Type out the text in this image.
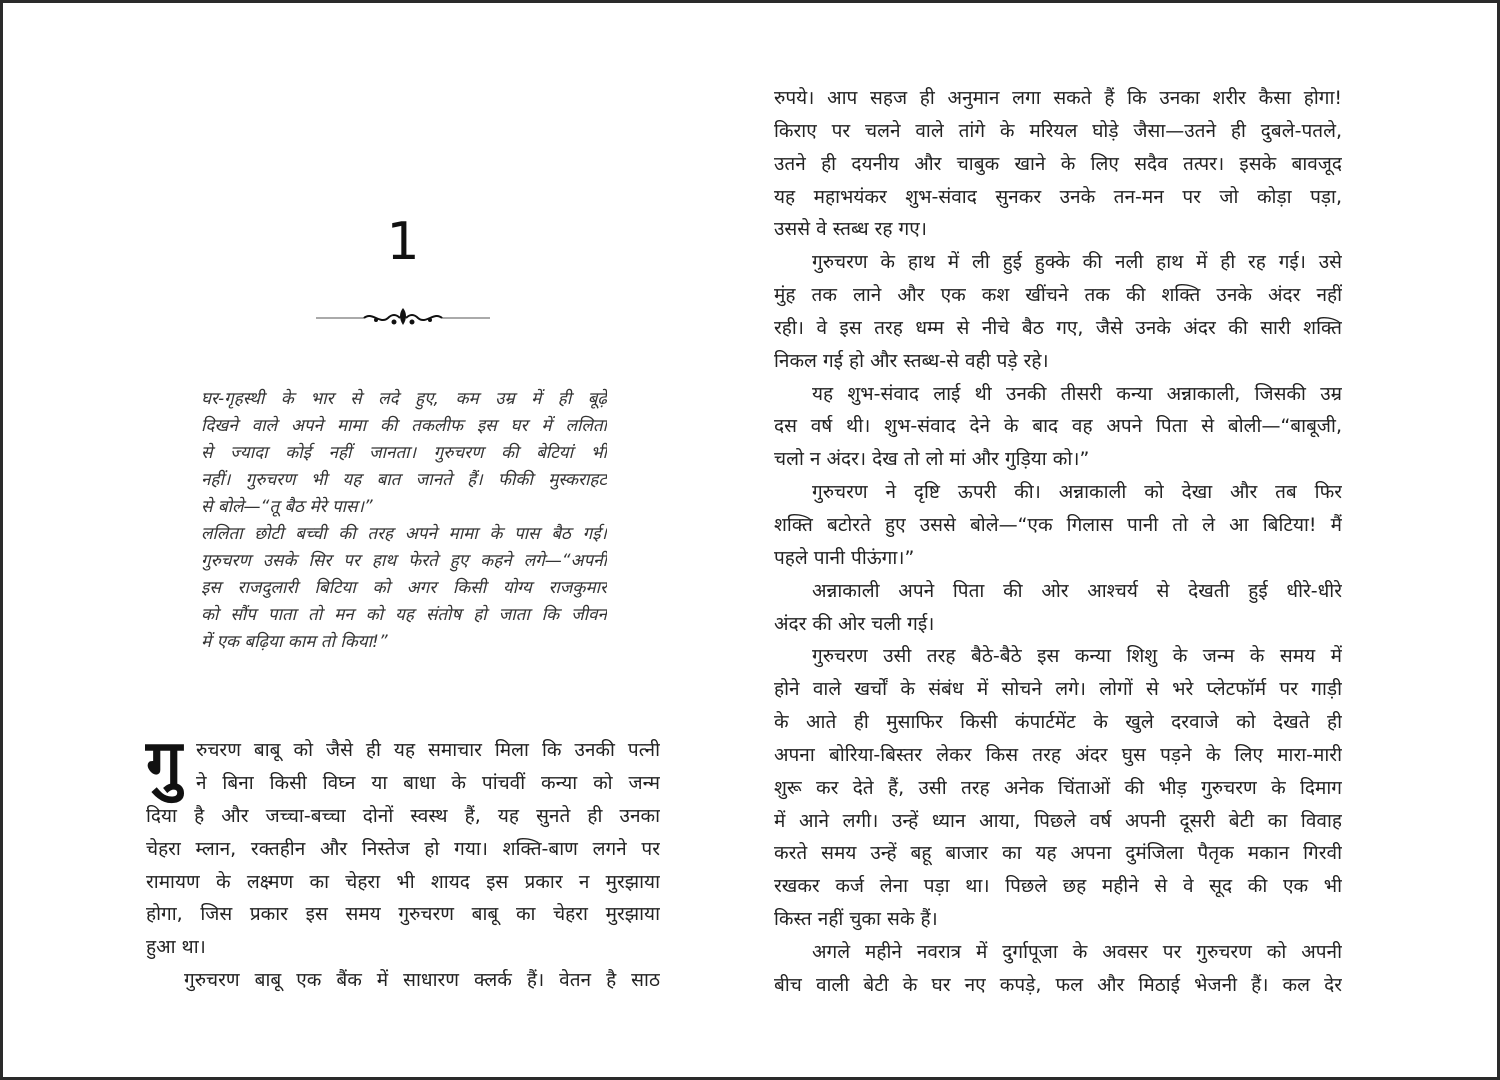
1
घर-गृहस्थी के भार से लदे हुए, कम उम्र में ही बूढ़े
दिखने वाले अपने मामा की तकलीफ इस घर में ललिता
से ज्यादा कोई नहीं जानता। गुरुचरण की बेटियां भी
नहीं। गुरुचरण भी यह बात जानते हैं। फीकी मुस्कराहट
से बोले—“तू बैठ मेरे पास।”
ललिता छोटी बच्ची की तरह अपने मामा के पास बैठ गई।
गुरुचरण उसके सिर पर हाथ फेरते हुए कहने लगे—“अपनी
इस राजदुलारी बिटिया को अगर किसी योग्य राजकुमार
को सौंप पाता तो मन को यह संतोष हो जाता कि जीवन
में एक बढ़िया काम तो किया!”
गु रुचरण बाबू को जैसे ही यह समाचार मिला कि उनकी पत्नी
ने बिना किसी विघ्न या बाधा के पांचवीं कन्या को जन्म
दिया है और जच्चा-बच्चा दोनों स्वस्थ हैं, यह सुनते ही उनका
चेहरा म्लान, रक्तहीन और निस्तेज हो गया। शक्ति-बाण लगने पर
रामायण के लक्ष्मण का चेहरा भी शायद इस प्रकार न मुरझाया
होगा, जिस प्रकार इस समय गुरुचरण बाबू का चेहरा मुरझाया
हुआ था।
गुरुचरण बाबू एक बैंक में साधारण क्लर्क हैं। वेतन है साठ
रुपये। आप सहज ही अनुमान लगा सकते हैं कि उनका शरीर कैसा होगा!
किराए पर चलने वाले तांगे के मरियल घोड़े जैसा—उतने ही दुबले-पतले,
उतने ही दयनीय और चाबुक खाने के लिए सदैव तत्पर। इसके बावजूद
यह महाभयंकर शुभ-संवाद सुनकर उनके तन-मन पर जो कोड़ा पड़ा,
उससे वे स्तब्ध रह गए।
गुरुचरण के हाथ में ली हुई हुक्के की नली हाथ में ही रह गई। उसे
मुंह तक लाने और एक कश खींचने तक की शक्ति उनके अंदर नहीं
रही। वे इस तरह धम्म से नीचे बैठ गए, जैसे उनके अंदर की सारी शक्ति
निकल गई हो और स्तब्ध-से वही पड़े रहे।
यह शुभ-संवाद लाई थी उनकी तीसरी कन्या अन्नाकाली, जिसकी उम्र
दस वर्ष थी। शुभ-संवाद देने के बाद वह अपने पिता से बोली—“बाबूजी,
चलो न अंदर। देख तो लो मां और गुड़िया को।”
गुरुचरण ने दृष्टि ऊपरी की। अन्नाकाली को देखा और तब फिर
शक्ति बटोरते हुए उससे बोले—“एक गिलास पानी तो ले आ बिटिया! मैं
पहले पानी पीऊंगा।”
अन्नाकाली अपने पिता की ओर आश्चर्य से देखती हुई धीरे-धीरे
अंदर की ओर चली गई।
गुरुचरण उसी तरह बैठे-बैठे इस कन्या शिशु के जन्म के समय में
होने वाले खर्चों के संबंध में सोचने लगे। लोगों से भरे प्लेटफॉर्म पर गाड़ी
के आते ही मुसाफिर किसी कंपार्टमेंट के खुले दरवाजे को देखते ही
अपना बोरिया-बिस्तर लेकर किस तरह अंदर घुस पड़ने के लिए मारा-मारी
शुरू कर देते हैं, उसी तरह अनेक चिंताओं की भीड़ गुरुचरण के दिमाग
में आने लगी। उन्हें ध्यान आया, पिछले वर्ष अपनी दूसरी बेटी का विवाह
करते समय उन्हें बहू बाजार का यह अपना दुमंजिला पैतृक मकान गिरवी
रखकर कर्ज लेना पड़ा था। पिछले छह महीने से वे सूद की एक भी
किस्त नहीं चुका सके हैं।
अगले महीने नवरात्र में दुर्गापूजा के अवसर पर गुरुचरण को अपनी
बीच वाली बेटी के घर नए कपड़े, फल और मिठाई भेजनी हैं। कल देर
